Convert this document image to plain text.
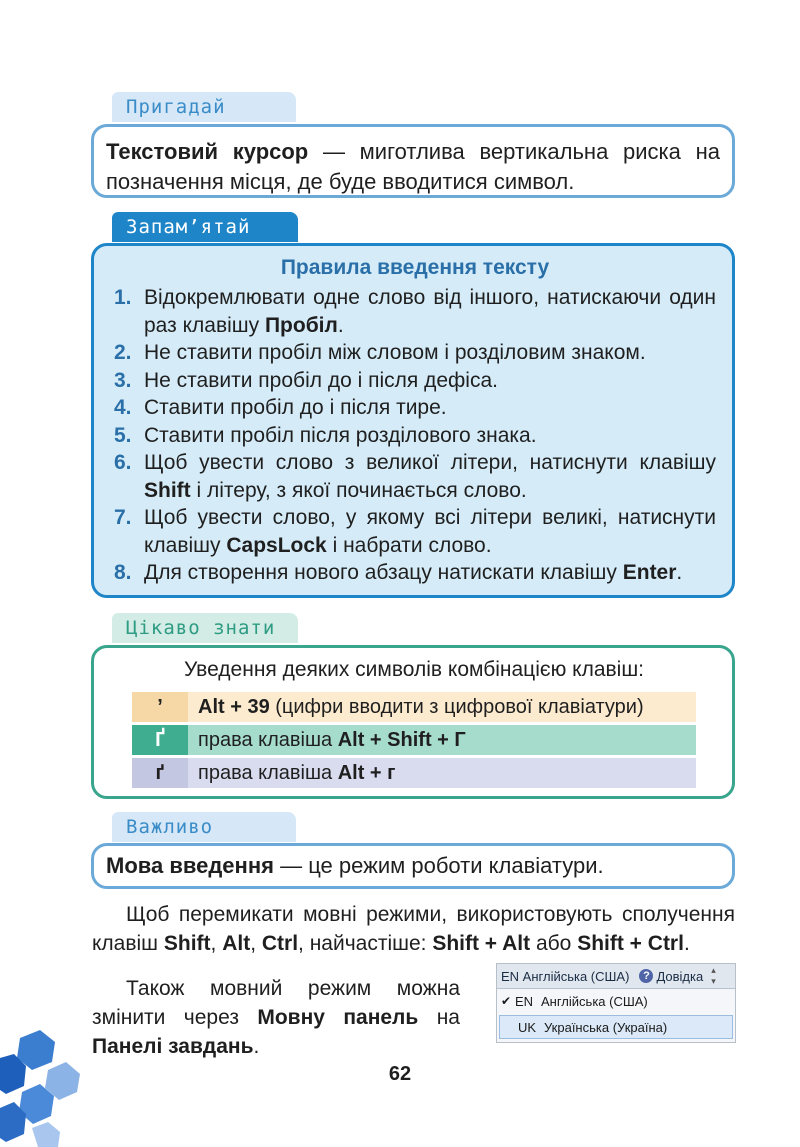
Пригадай

Текстовий курсор — миготлива вертикальна риска на позначення місця, де буде вводитися символ.

Запам’ятай
Правила введення тексту
1. Відокремлювати одне слово від іншого, натискаючи один раз клавішу Пробіл.
2. Не ставити пробіл між словом і розділовим знаком.
3. Не ставити пробіл до і після дефіса.
4. Ставити пробіл до і після тире.
5. Ставити пробіл після розділового знака.
6. Щоб увести слово з великої літери, натиснути клавішу Shift і літеру, з якої починається слово.
7. Щоб увести слово, у якому всі літери великі, натиснути клавішу CapsLock і набрати слово.
8. Для створення нового абзацу натискати клавішу Enter.
Цікаво знати
Уведення деяких символів комбінацією клавіш:
’	Alt + 39 (цифри вводити з цифрової клавіатури)
Ґ	права клавіша Alt + Shift + Г
ґ	права клавіша Alt + г
Важливо

Мова введення — це режим роботи клавіатури.

Щоб перемикати мовні режими, використовують сполучення клавіш Shift, Alt, Ctrl, найчастіше: Shift + Alt або Shift + Ctrl.

Також мовний режим можна змінити через Мовну панель на Панелі завдань.

EN Англійська (США)	? Довідка ▴
▾
✔ EN Англійська (США)
UK Українська (Україна)
62
